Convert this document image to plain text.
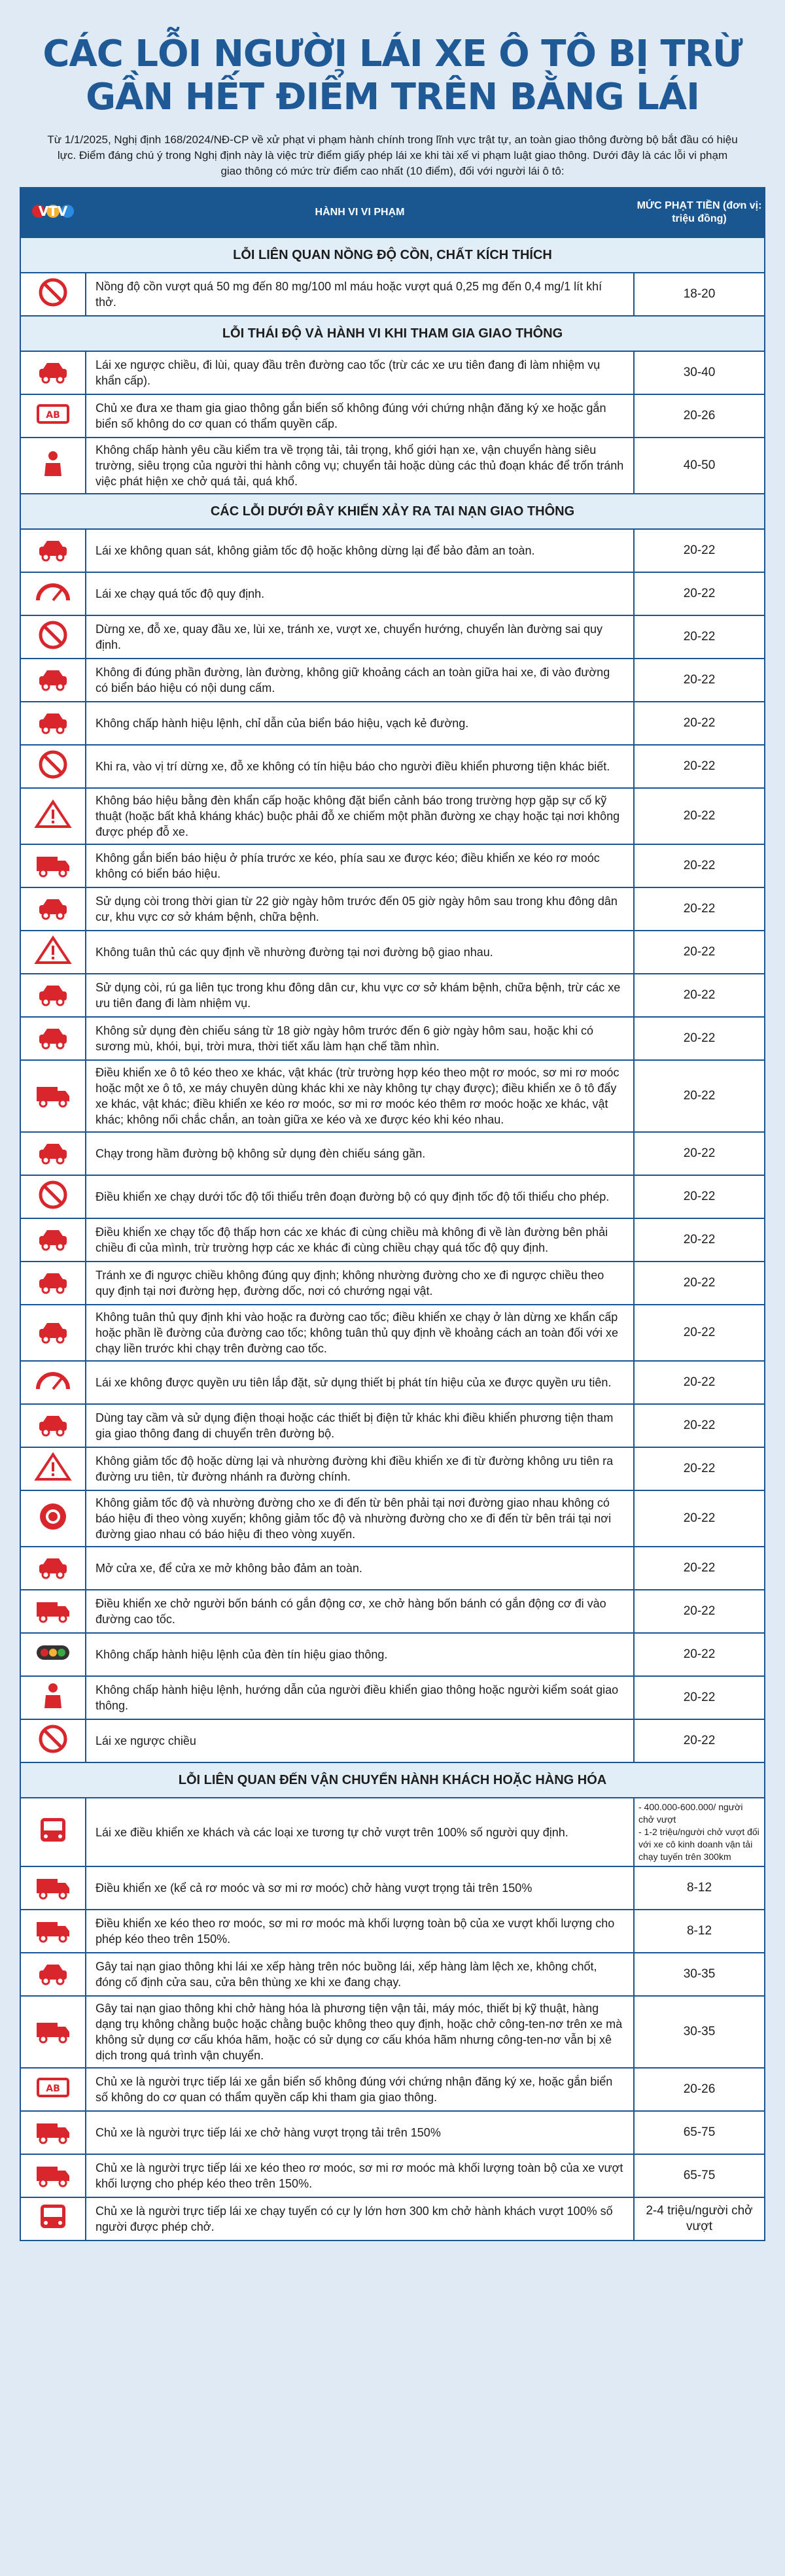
CÁC LỖI NGƯỜI LÁI XE Ô TÔ BỊ TRỪ
GẦN HẾT ĐIỂM TRÊN BẰNG LÁI

Từ 1/1/2025, Nghị định 168/2024/NĐ-CP về xử phạt vi phạm hành chính trong lĩnh vực trật tự, an toàn giao thông đường bộ bắt đầu có hiệu lực. Điểm đáng chú ý trong Nghị định này là việc trừ điểm giấy phép lái xe khi tài xế vi phạm luật giao thông. Dưới đây là các lỗi vi phạm giao thông có mức trừ điểm cao nhất (10 điểm), đối với người lái ô tô:

VTV	HÀNH VI VI PHẠM	MỨC PHẠT TIỀN (đơn vị: triệu đồng)
LỖI LIÊN QUAN NỒNG ĐỘ CỒN, CHẤT KÍCH THÍCH		
	Nồng độ cồn vượt quá 50 mg đến 80 mg/100 ml máu hoặc vượt quá 0,25 mg đến 0,4 mg/1 lít khí thở.	18-20
LỖI THÁI ĐỘ VÀ HÀNH VI KHI THAM GIA GIAO THÔNG		
	Lái xe ngược chiều, đi lùi, quay đầu trên đường cao tốc (trừ các xe ưu tiên đang đi làm nhiệm vụ khẩn cấp).	30-40

AB	Chủ xe đưa xe tham gia giao thông gắn biển số không đúng với chứng nhận đăng ký xe hoặc gắn biển số không do cơ quan có thẩm quyền cấp.	20-26
	Không chấp hành yêu cầu kiểm tra về trọng tải, tải trọng, khổ giới hạn xe, vận chuyển hàng siêu trường, siêu trọng của người thi hành công vụ; chuyển tải hoặc dùng các thủ đoạn khác để trốn tránh việc phát hiện xe chở quá tải, quá khổ.	40-50
CÁC LỖI DƯỚI ĐÂY KHIẾN XẢY RA TAI NẠN GIAO THÔNG		
	Lái xe không quan sát, không giảm tốc độ hoặc không dừng lại để bảo đảm an toàn.	20-22
	Lái xe chạy quá tốc độ quy định.	20-22
	Dừng xe, đỗ xe, quay đầu xe, lùi xe, tránh xe, vượt xe, chuyển hướng, chuyển làn đường sai quy định.	20-22
	Không đi đúng phần đường, làn đường, không giữ khoảng cách an toàn giữa hai xe, đi vào đường có biển báo hiệu có nội dung cấm.	20-22
	Không chấp hành hiệu lệnh, chỉ dẫn của biển báo hiệu, vạch kẻ đường.	20-22
	Khi ra, vào vị trí dừng xe, đỗ xe không có tín hiệu báo cho người điều khiển phương tiện khác biết.	20-22
	Không báo hiệu bằng đèn khẩn cấp hoặc không đặt biển cảnh báo trong trường hợp gặp sự cố kỹ thuật (hoặc bất khả kháng khác) buộc phải đỗ xe chiếm một phần đường xe chạy hoặc tại nơi không được phép đỗ xe.	20-22
	Không gắn biển báo hiệu ở phía trước xe kéo, phía sau xe được kéo; điều khiển xe kéo rơ moóc không có biển báo hiệu.	20-22
	Sử dụng còi trong thời gian từ 22 giờ ngày hôm trước đến 05 giờ ngày hôm sau trong khu đông dân cư, khu vực cơ sở khám bệnh, chữa bệnh.	20-22
	Không tuân thủ các quy định về nhường đường tại nơi đường bộ giao nhau.	20-22
	Sử dụng còi, rú ga liên tục trong khu đông dân cư, khu vực cơ sở khám bệnh, chữa bệnh, trừ các xe ưu tiên đang đi làm nhiệm vụ.	20-22
	Không sử dụng đèn chiếu sáng từ 18 giờ ngày hôm trước đến 6 giờ ngày hôm sau, hoặc khi có sương mù, khói, bụi, trời mưa, thời tiết xấu làm hạn chế tầm nhìn.	20-22
	Điều khiển xe ô tô kéo theo xe khác, vật khác (trừ trường hợp kéo theo một rơ moóc, sơ mi rơ moóc hoặc một xe ô tô, xe máy chuyên dùng khác khi xe này không tự chạy được); điều khiển xe ô tô đẩy xe khác, vật khác; điều khiển xe kéo rơ moóc, sơ mi rơ moóc kéo thêm rơ moóc hoặc xe khác, vật khác; không nối chắc chắn, an toàn giữa xe kéo và xe được kéo khi kéo nhau.	20-22
	Chạy trong hầm đường bộ không sử dụng đèn chiếu sáng gần.	20-22
	Điều khiển xe chạy dưới tốc độ tối thiểu trên đoạn đường bộ có quy định tốc độ tối thiểu cho phép.	20-22
	Điều khiển xe chạy tốc độ thấp hơn các xe khác đi cùng chiều mà không đi về làn đường bên phải chiều đi của mình, trừ trường hợp các xe khác đi cùng chiều chạy quá tốc độ quy định.	20-22
	Tránh xe đi ngược chiều không đúng quy định; không nhường đường cho xe đi ngược chiều theo quy định tại nơi đường hẹp, đường dốc, nơi có chướng ngại vật.	20-22
	Không tuân thủ quy định khi vào hoặc ra đường cao tốc; điều khiển xe chạy ở làn dừng xe khẩn cấp hoặc phần lề đường của đường cao tốc; không tuân thủ quy định về khoảng cách an toàn đối với xe chạy liền trước khi chạy trên đường cao tốc.	20-22
	Lái xe không được quyền ưu tiên lắp đặt, sử dụng thiết bị phát tín hiệu của xe được quyền ưu tiên.	20-22
	Dùng tay cầm và sử dụng điện thoại hoặc các thiết bị điện tử khác khi điều khiển phương tiện tham gia giao thông đang di chuyển trên đường bộ.	20-22
	Không giảm tốc độ hoặc dừng lại và nhường đường khi điều khiển xe đi từ đường không ưu tiên ra đường ưu tiên, từ đường nhánh ra đường chính.	20-22
	Không giảm tốc độ và nhường đường cho xe đi đến từ bên phải tại nơi đường giao nhau không có báo hiệu đi theo vòng xuyến; không giảm tốc độ và nhường đường cho xe đi đến từ bên trái tại nơi đường giao nhau có báo hiệu đi theo vòng xuyến.	20-22
	Mở cửa xe, để cửa xe mở không bảo đảm an toàn.	20-22
	Điều khiển xe chở người bốn bánh có gắn động cơ, xe chở hàng bốn bánh có gắn động cơ đi vào đường cao tốc.	20-22
	Không chấp hành hiệu lệnh của đèn tín hiệu giao thông.	20-22
	Không chấp hành hiệu lệnh, hướng dẫn của người điều khiển giao thông hoặc người kiểm soát giao thông.	20-22
	Lái xe ngược chiều	20-22
LỖI LIÊN QUAN ĐẾN VẬN CHUYỂN HÀNH KHÁCH HOẶC HÀNG HÓA		
	Lái xe điều khiển xe khách và các loại xe tương tự chở vượt trên 100% số người quy định.	- 400.000-600.000/ người chở vượt
- 1-2 triệu/người chở vượt đối với xe cô kinh doanh vận tải chạy tuyến trên 300km
	Điều khiển xe (kể cả rơ moóc và sơ mi rơ moóc) chở hàng vượt trọng tải trên 150%	8-12
	Điều khiển xe kéo theo rơ moóc, sơ mi rơ moóc mà khối lượng toàn bộ của xe vượt khối lượng cho phép kéo theo trên 150%.	8-12
	Gây tai nạn giao thông khi lái xe xếp hàng trên nóc buồng lái, xếp hàng làm lệch xe, không chốt, đóng cố định cửa sau, cửa bên thùng xe khi xe đang chạy.	30-35
	Gây tai nạn giao thông khi chở hàng hóa là phương tiện vận tải, máy móc, thiết bị kỹ thuật, hàng dạng trụ không chằng buộc hoặc chằng buộc không theo quy định, hoặc chở công-ten-nơ trên xe mà không sử dụng cơ cấu khóa hãm, hoặc có sử dụng cơ cấu khóa hãm nhưng công-ten-nơ vẫn bị xê dịch trong quá trình vận chuyển.	30-35

AB	Chủ xe là người trực tiếp lái xe gắn biển số không đúng với chứng nhận đăng ký xe, hoặc gắn biển số không do cơ quan có thẩm quyền cấp khi tham gia giao thông.	20-26
	Chủ xe là người trực tiếp lái xe chở hàng vượt trọng tải trên 150%	65-75
	Chủ xe là người trực tiếp lái xe kéo theo rơ moóc, sơ mi rơ moóc mà khối lượng toàn bộ của xe vượt khối lượng cho phép kéo theo trên 150%.	65-75
	Chủ xe là người trực tiếp lái xe chạy tuyến có cự ly lớn hơn 300 km chở hành khách vượt 100% số người được phép chở.	2-4 triệu/người chở vượt
